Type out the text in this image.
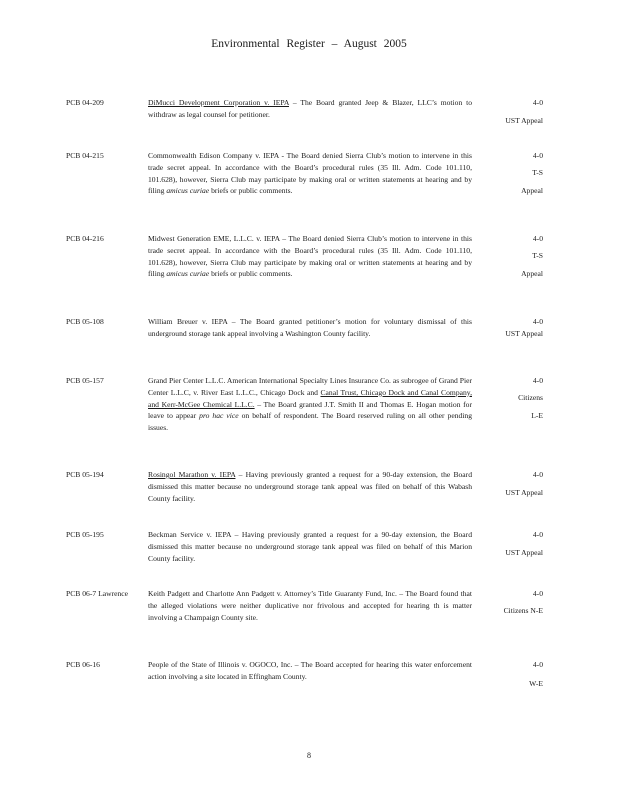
Environmental Register – August 2005
PCB 04-209	DiMucci Development Corporation v. IEPA – The Board granted Jeep & Blazer, LLC’s motion to withdraw as legal counsel for petitioner.
4-0
UST Appeal
PCB 04-215	Commonwealth Edison Company v. IEPA - The Board denied Sierra Club’s motion to intervene in this trade secret appeal. In accordance with the Board’s procedural rules (35 Ill. Adm. Code 101.110, 101.628), however, Sierra Club may participate by making oral or written statements at hearing and by filing amicus curiae briefs or public comments.
4-0
T-S
Appeal
PCB 04-216	Midwest Generation EME, L.L.C. v. IEPA – The Board denied Sierra Club’s motion to intervene in this trade secret appeal. In accordance with the Board’s procedural rules (35 Ill. Adm. Code 101.110, 101.628), however, Sierra Club may participate by making oral or written statements at hearing and by filing amicus curiae briefs or public comments.
4-0
T-S
Appeal
PCB 05-108	William Breuer v. IEPA – The Board granted petitioner’s motion for voluntary dismissal of this underground storage tank appeal involving a Washington County facility.
4-0
UST Appeal
PCB 05-157	Grand Pier Center L.L.C. American International Specialty Lines Insurance Co. as subrogee of Grand Pier Center L.L.C, v. River East L.L.C., Chicago Dock and Canal Trust, Chicago Dock and Canal Company, and Kerr-McGee Chemical L.L.C. – The Board granted J.T. Smith II and Thomas E. Hogan motion for leave to appear pro hac vice on behalf of respondent. The Board reserved ruling on all other pending issues.
4-0
Citizens
L-E
PCB 05-194	Rosingol Marathon v. IEPA – Having previously granted a request for a 90-day extension, the Board dismissed this matter because no underground storage tank appeal was filed on behalf of this Wabash County facility.
4-0
UST Appeal
PCB 05-195	Beckman Service v. IEPA – Having previously granted a request for a 90-day extension, the Board dismissed this matter because no underground storage tank appeal was filed on behalf of this Marion County facility.
4-0
UST Appeal
PCB 06-7 Lawrence	Keith Padgett and Charlotte Ann Padgett v. Attorney’s Title Guaranty Fund, Inc. – The Board found that the alleged violations were neither duplicative nor frivolous and accepted for hearing th is matter involving a Champaign County site.
4-0
Citizens N-E
PCB 06-16	People of the State of Illinois v. OGOCO, Inc. – The Board accepted for hearing this water enforcement action involving a site located in Effingham County.
4-0
W-E
8
